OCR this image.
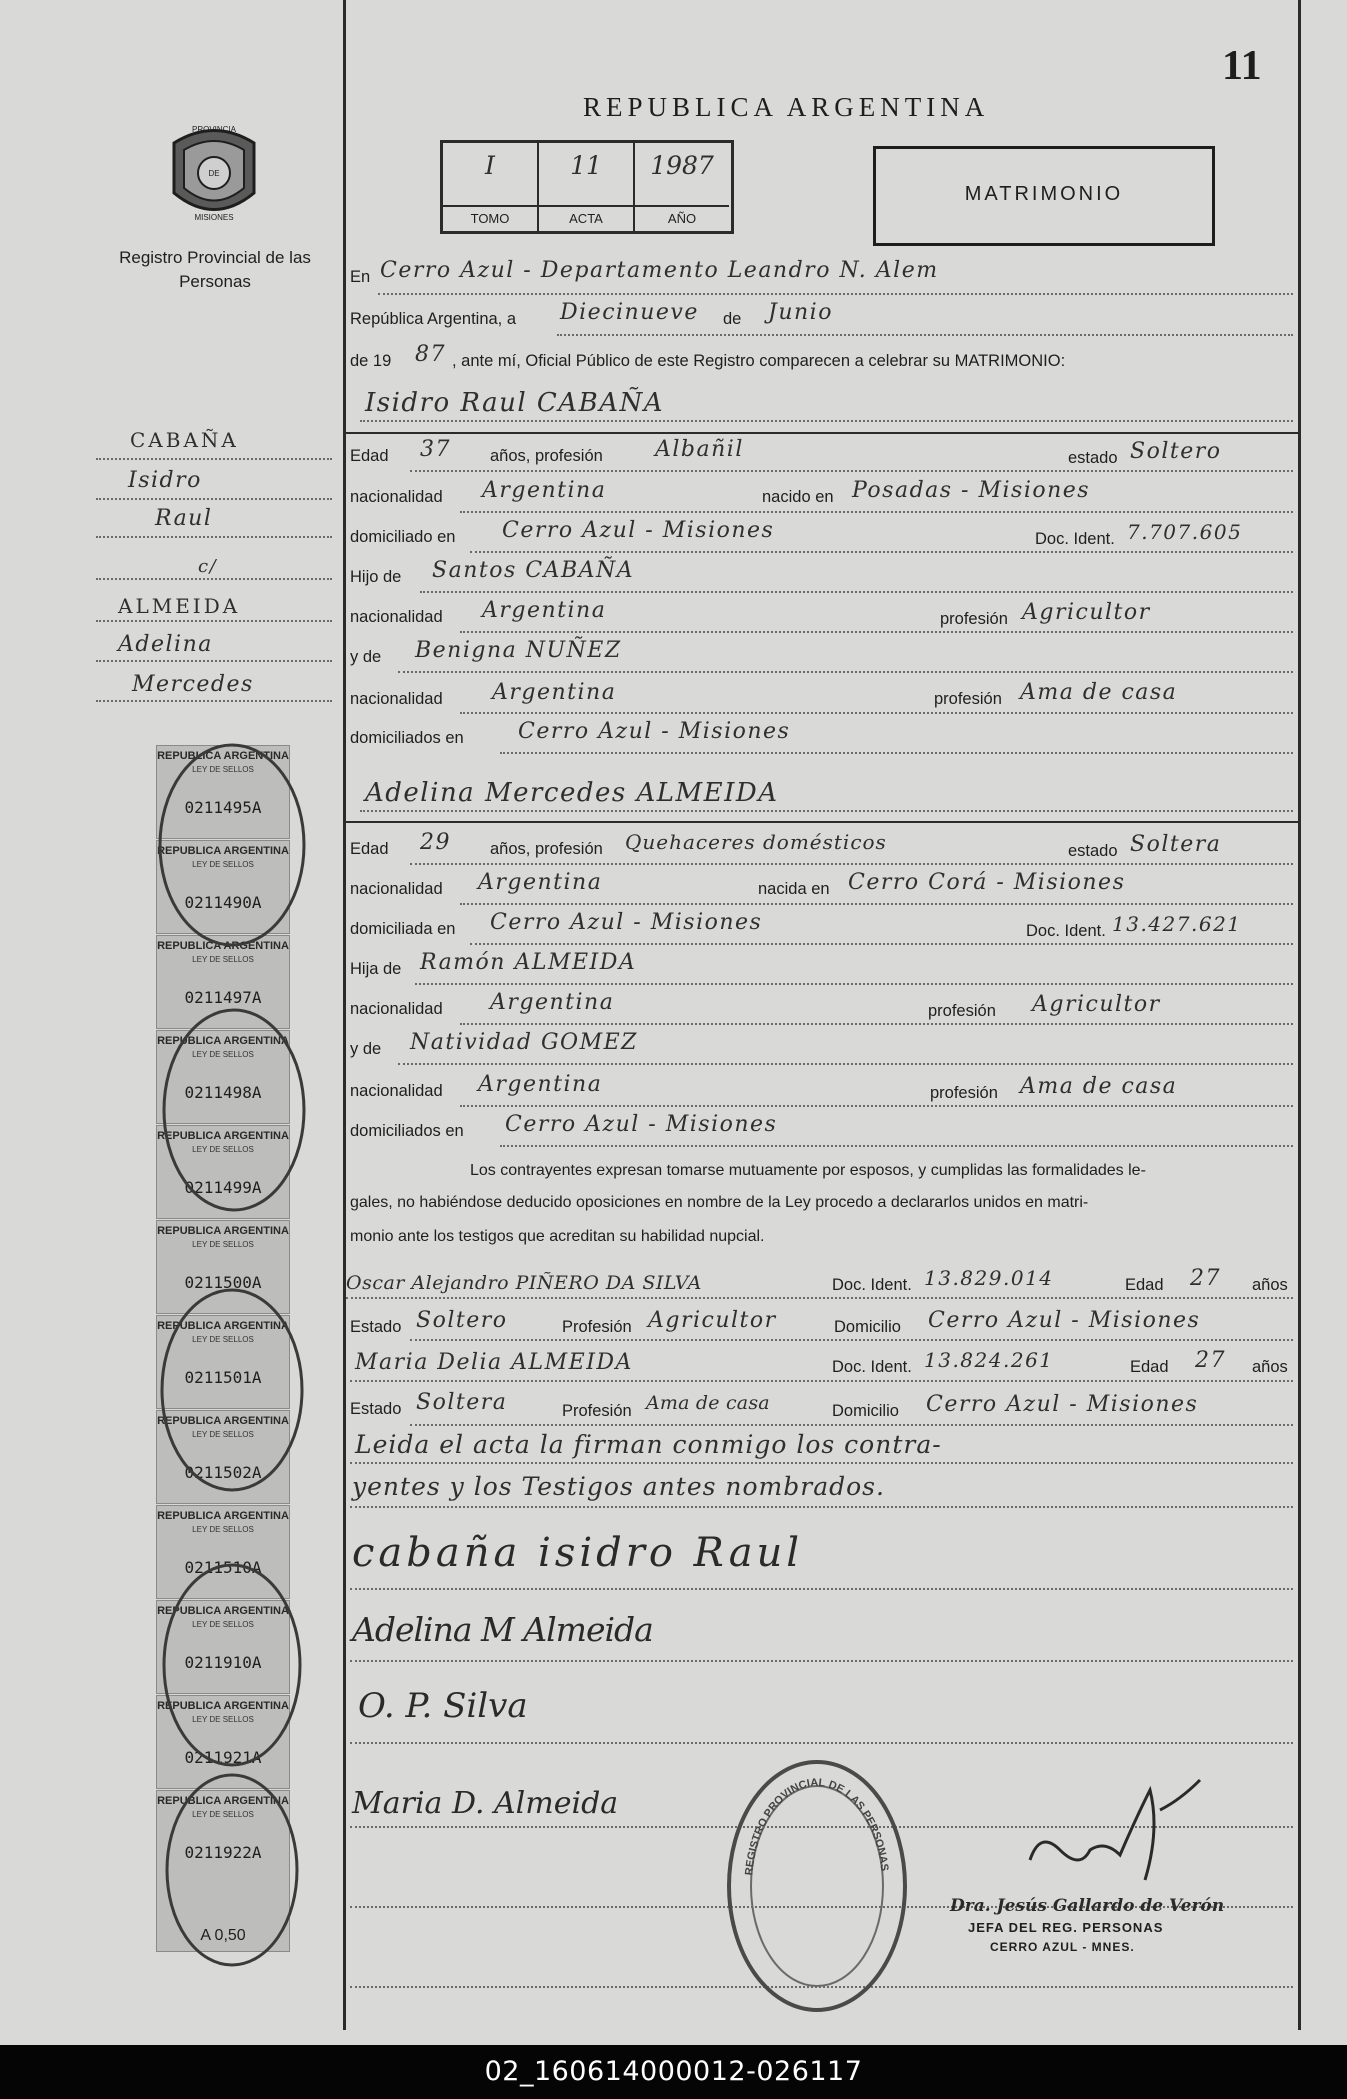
11
REPUBLICA ARGENTINA
PROVINCIA
DE
MISIONES
Registro Provincial de las Personas
I
TOMO
11
ACTA
1987
AÑO
MATRIMONIO
En Cerro Azul - Departamento Leandro N. Alem
República Argentina, a Diecinueve de Junio
de 19 87 , ante mí, Oficial Público de este Registro comparecen a celebrar su MATRIMONIO:
Isidro Raul CABAÑA
Edad 37 años, profesión Albañil	estado Soltero
nacionalidad Argentina	nacido en Posadas - Misiones
domiciliado en Cerro Azul - Misiones	Doc. Ident. 7.707.605
Hijo de Santos CABAÑA
nacionalidad Argentina	profesión Agricultor
y de Benigna NUÑEZ
nacionalidad Argentina	profesión Ama de casa
domiciliados en Cerro Azul - Misiones
Adelina Mercedes ALMEIDA
Edad 29 años, profesión Quehaceres domésticos	estado Soltera
nacionalidad Argentina	nacida en Cerro Corá - Misiones
domiciliada en Cerro Azul - Misiones	Doc. Ident. 13.427.621
Hija de Ramón ALMEIDA
nacionalidad Argentina	profesión Agricultor
y de Natividad GOMEZ
nacionalidad Argentina	profesión Ama de casa
domiciliados en Cerro Azul - Misiones
Los contrayentes expresan tomarse mutuamente por esposos, y cumplidas las formalidades le-
gales, no habiéndose deducido oposiciones en nombre de la Ley procedo a declararlos unidos en matri-
monio ante los testigos que acreditan su habilidad nupcial.
Oscar Alejandro PIÑERO DA SILVA	Doc. Ident. 13.829.014	Edad 27 años
Estado Soltero	Profesión Agricultor	Domicilio Cerro Azul - Misiones
Maria Delia ALMEIDA	Doc. Ident. 13.824.261	Edad 27 años
Estado Soltera	Profesión Ama de casa	Domicilio Cerro Azul - Misiones
Leida el acta la firman conmigo los contra-
yentes y los Testigos antes nombrados.
cabaña isidro Raul
Adelina M Almeida
O. P. Silva
Maria D. Almeida
REGISTRO PROVINCIAL DE LAS PERSONAS
Dra. Jesús Gallardo de Verón
JEFA DEL REG. PERSONAS
CERRO AZUL - MNES.
CABAÑA
Isidro
Raul
c/
ALMEIDA
Adelina
Mercedes
REPUBLICA ARGENTINA
LEY DE SELLOS
0211495A
REPUBLICA ARGENTINA
LEY DE SELLOS
0211490A
REPUBLICA ARGENTINA
LEY DE SELLOS
0211497A
REPUBLICA ARGENTINA
LEY DE SELLOS
0211498A
REPUBLICA ARGENTINA
LEY DE SELLOS
0211499A
REPUBLICA ARGENTINA
LEY DE SELLOS
0211500A
REPUBLICA ARGENTINA
LEY DE SELLOS
0211501A
REPUBLICA ARGENTINA
LEY DE SELLOS
0211502A
REPUBLICA ARGENTINA
LEY DE SELLOS
0211510A
REPUBLICA ARGENTINA
LEY DE SELLOS
0211910A
REPUBLICA ARGENTINA
LEY DE SELLOS
0211921A
REPUBLICA ARGENTINA
LEY DE SELLOS
0211922A
A 0,50
02_160614000012-026117
